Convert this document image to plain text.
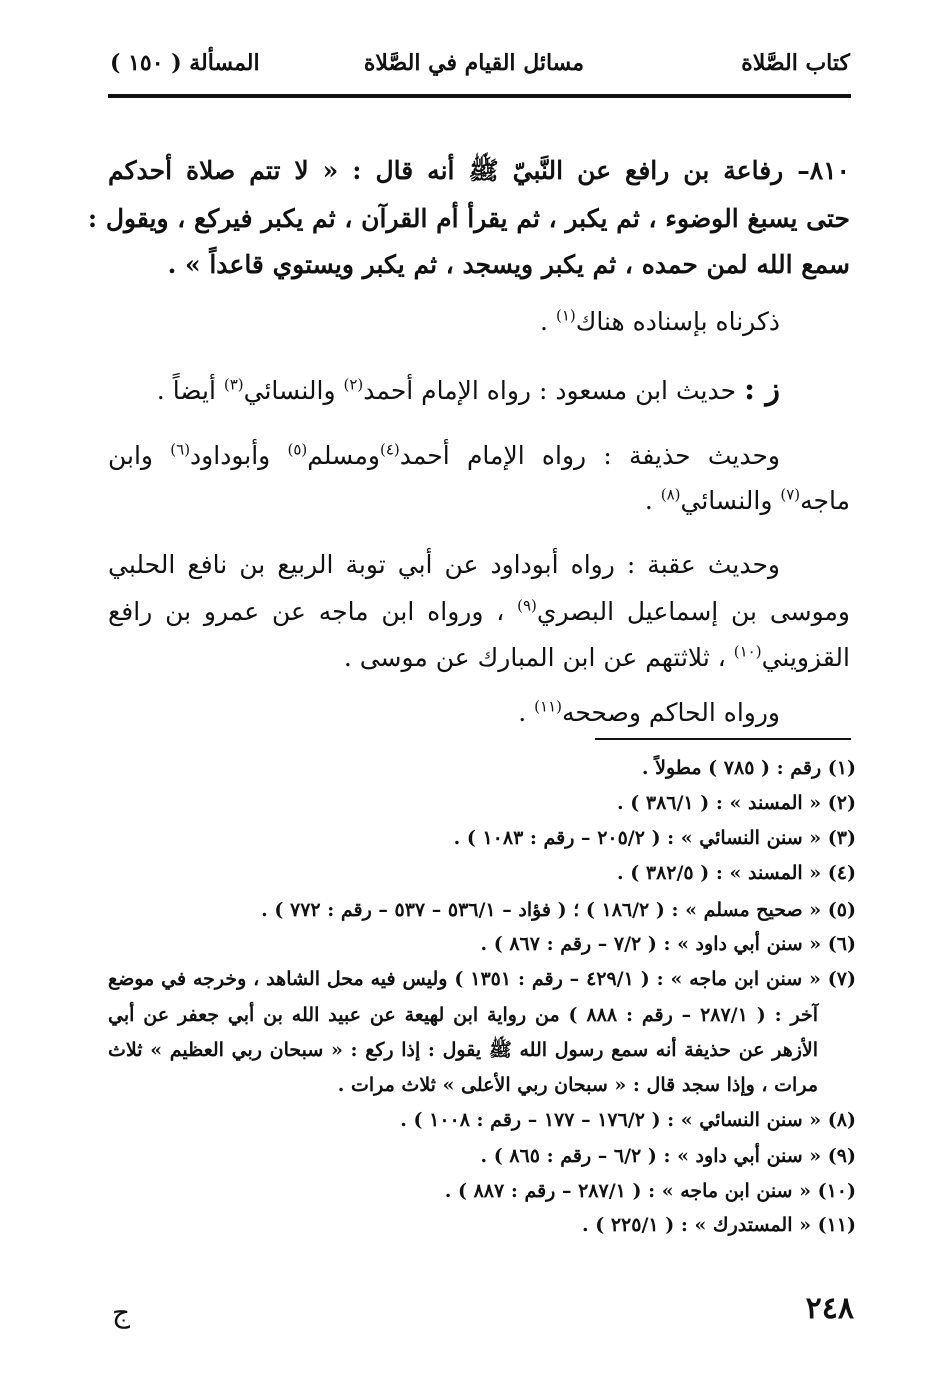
كتاب الصَّلاة
مسائل القيام في الصَّلاة
المسألة ( ١٥٠ )
٨١٠– رفاعة بن رافع عن النَّبيّ ﷺ أنه قال : « لا تتم صلاة أحدكم
حتى يسبغ الوضوء ، ثم يكبر ، ثم يقرأ أم القرآن ، ثم يكبر فيركع ، ويقول :
سمع الله لمن حمده ، ثم يكبر ويسجد ، ثم يكبر ويستوي قاعداً » .
ذكرناه بإسناده هناك$^{(١)}$ .
ز : حديث ابن مسعود : رواه الإمام أحمد$^{(٢)}$ والنسائي$^{(٣)}$ أيضاً .
وحديث حذيفة : رواه الإمام أحمد$^{(٤)}$ومسلم$^{(٥)}$ وأبوداود$^{(٦)}$ وابن
ماجه$^{(٧)}$ والنسائي$^{(٨)}$ .
وحديث عقبة : رواه أبوداود عن أبي توبة الربيع بن نافع الحلبي
وموسى بن إسماعيل البصري$^{(٩)}$ ، ورواه ابن ماجه عن عمرو بن رافع
القزويني$^{(١٠)}$ ، ثلاثتهم عن ابن المبارك عن موسى .
ورواه الحاكم وصححه$^{(١١)}$ .
(١) رقم : ( ٧٨٥ ) مطولاً .
(٢) « المسند » : ( ٣٨٦/١ ) .
(٣) « سنن النسائي » : ( ٢٠٥/٢ – رقم : ١٠٨٣ ) .
(٤) « المسند » : ( ٣٨٢/٥ ) .
(٥) « صحيح مسلم » : ( ١٨٦/٢ ) ؛ ( فؤاد – ٥٣٦/١ – ٥٣٧ – رقم : ٧٧٢ ) .
(٦) « سنن أبي داود » : ( ٧/٢ – رقم : ٨٦٧ ) .
(٧) « سنن ابن ماجه » : ( ٤٢٩/١ – رقم : ١٣٥١ ) وليس فيه محل الشاهد ، وخرجه في موضع
آخر : ( ٢٨٧/١ – رقم : ٨٨٨ ) من رواية ابن لهيعة عن عبيد الله بن أبي جعفر عن أبي
الأزهر عن حذيفة أنه سمع رسول الله ﷺ يقول : إذا ركع : « سبحان ربي العظيم » ثلاث
مرات ، وإذا سجد قال : « سبحان ربي الأعلى » ثلاث مرات .
(٨) « سنن النسائي » : ( ١٧٦/٢ – ١٧٧ – رقم : ١٠٠٨ ) .
(٩) « سنن أبي داود » : ( ٦/٢ – رقم : ٨٦٥ ) .
(١٠) « سنن ابن ماجه » : ( ٢٨٧/١ – رقم : ٨٨٧ ) .
(١١) « المستدرك » : ( ٢٢٥/١ ) .
٢٤٨
ج
